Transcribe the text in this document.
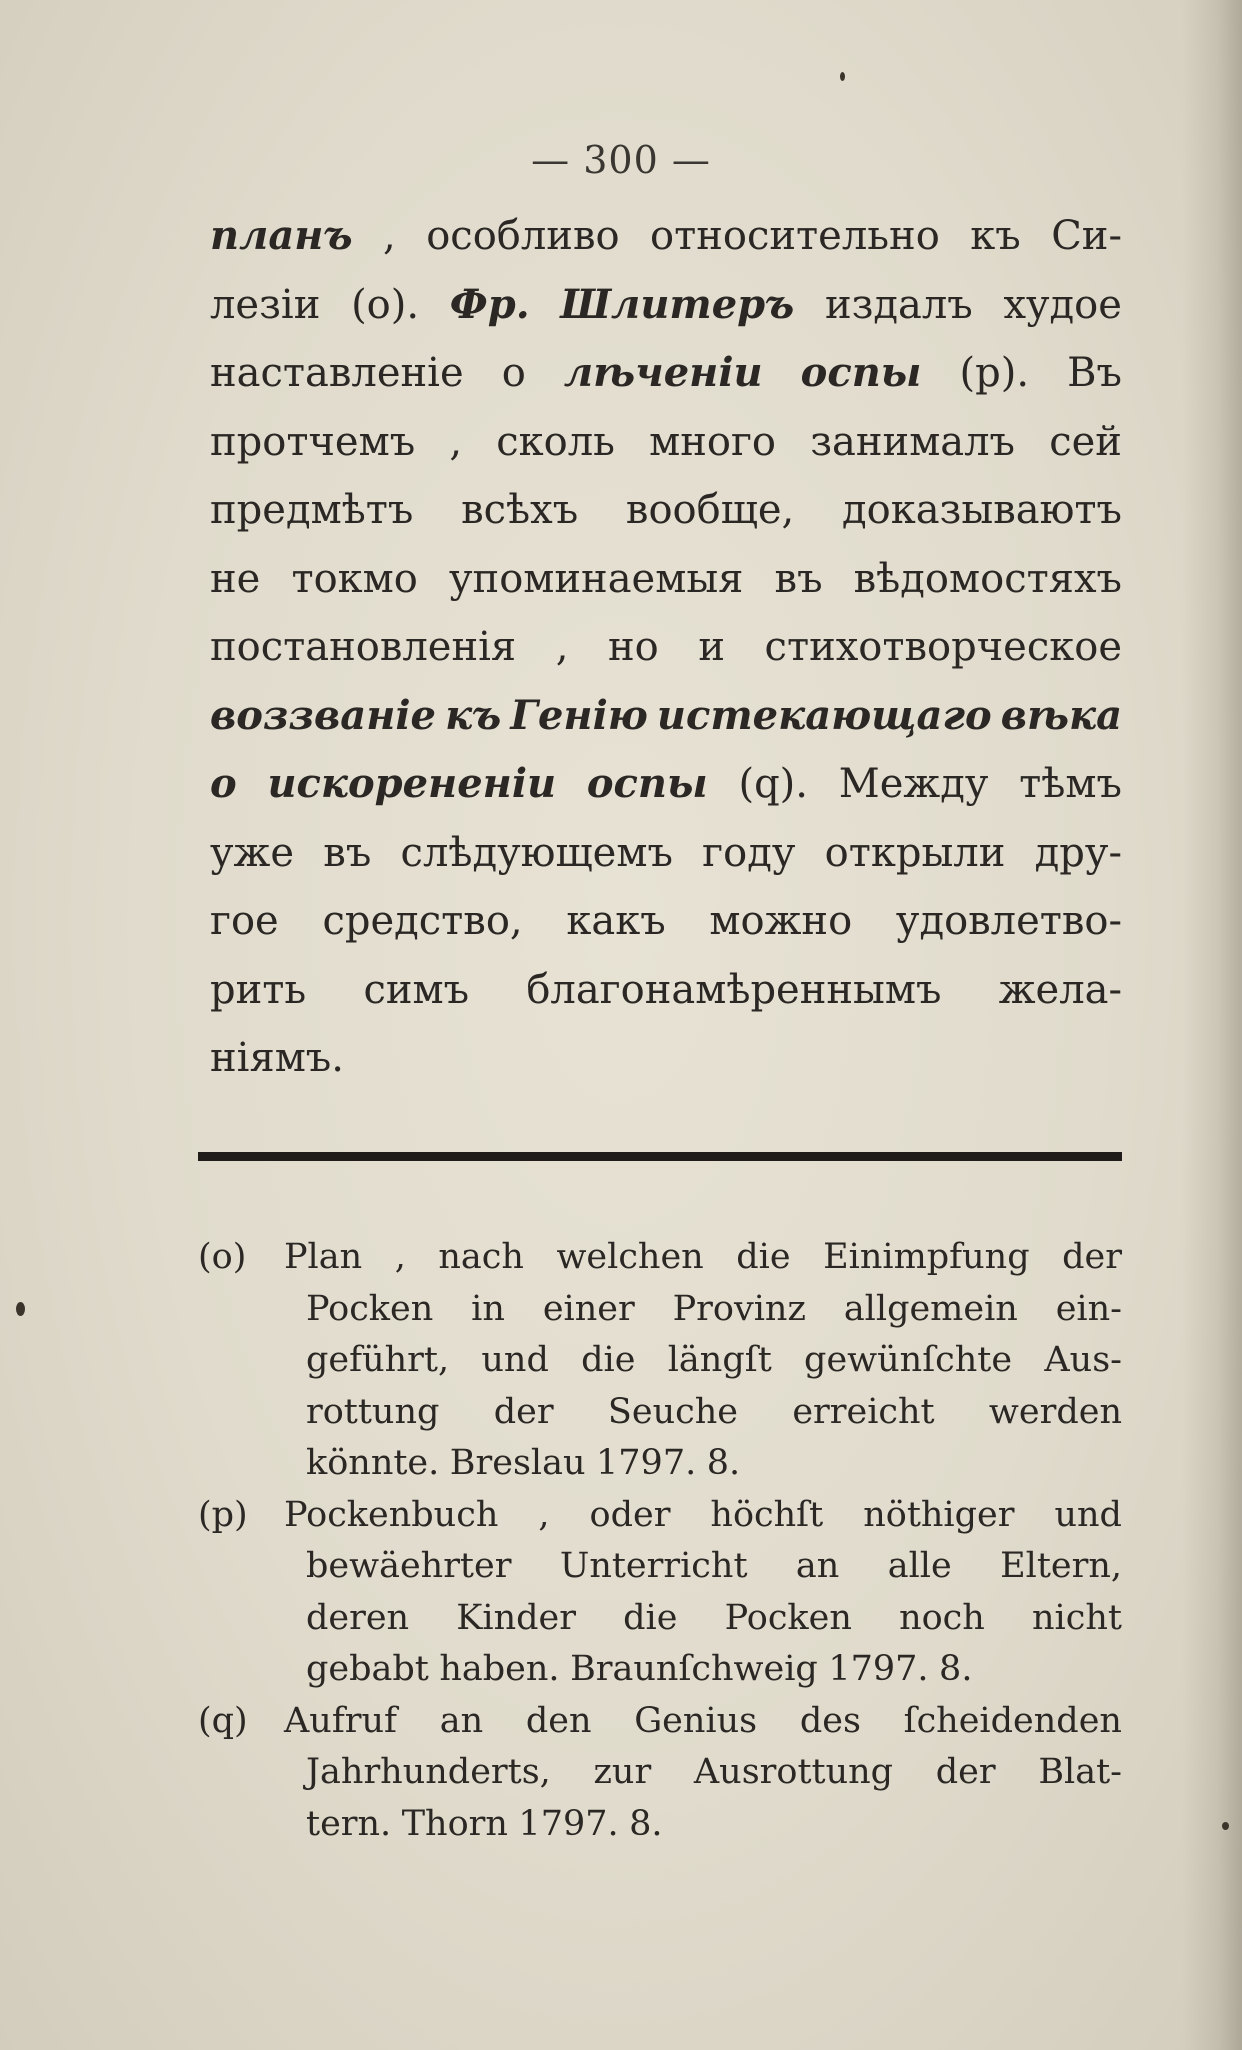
— 300 —
планъ , особливо относительно къ Си-
лезіи (о). Фр. Шлитеръ издалъ худое
наставленіе о лѣченіи оспы (р). Въ
протчемъ , сколь много занималъ сей
предмѣтъ всѣхъ вообще, доказываютъ
не токмо упоминаемыя въ вѣдомостяхъ
постановленія , но и стихотворческое
воззваніе къ Генію истекающаго вѣка
о искорененіи оспы (q). Между тѣмъ
уже въ слѣдующемъ году открыли дру-
гое средство, какъ можно удовлетво-
рить симъ благонамѣреннымъ жела-
ніямъ.
(o)	Plan , nach welchen die Einimpfung der
Pocken in einer Provinz allgemein ein-
geführt, und die längſt gewünſchte Aus-
rottung der Seuche erreicht werden
könnte. Breslau 1797. 8.
(p)	Pockenbuch , oder höchſt nöthiger und
bewäehrter Unterricht an alle Eltern,
deren Kinder die Pocken noch nicht
gebabt haben. Braunſchweig 1797. 8.
(q)	Aufruf an den Genius des ſcheidenden
Jahrhunderts, zur Ausrottung der Blat-
tern. Thorn 1797. 8.
